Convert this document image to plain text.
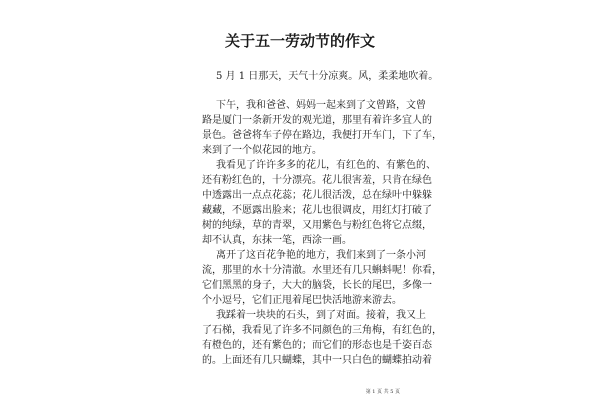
关于五一劳动节的作文
5 月 1 日那天，天气十分凉爽。风，柔柔地吹着。
下午，我和爸爸、妈妈一起来到了文曾路，文曾
路是厦门一条新开发的观光道，那里有着许多宜人的
景色。爸爸将车子停在路边，我便打开车门，下了车，
来到了一个似花园的地方。
我看见了许许多多的花儿，有红色的、有紫色的、
还有粉红色的，十分漂亮。花儿很害羞，只肯在绿色
中透露出一点点花蕊；花儿很活泼，总在绿叶中躲躲
藏藏，不愿露出脸来；花儿也很调皮，用红灯打破了
树的纯绿，草的青翠，又用紫色与粉红色将它点缀，
却不认真，东抹一笔，西涂一画。
离开了这百花争艳的地方，我们来到了一条小河
流，那里的水十分清澈。水里还有几只蝌蚪呢！你看，
它们黑黑的身子，大大的脑袋，长长的尾巴，多像一
个小逗号，它们正甩着尾巴快活地游来游去。
我踩着一块块的石头，到了对面。接着，我又上
了石梯，我看见了许多不同颜色的三角梅，有红色的，
有橙色的，还有紫色的；而它们的形态也是千姿百态
的。上面还有几只蝴蝶，其中一只白色的蝴蝶拍动着
第 1 页 共 5 页
